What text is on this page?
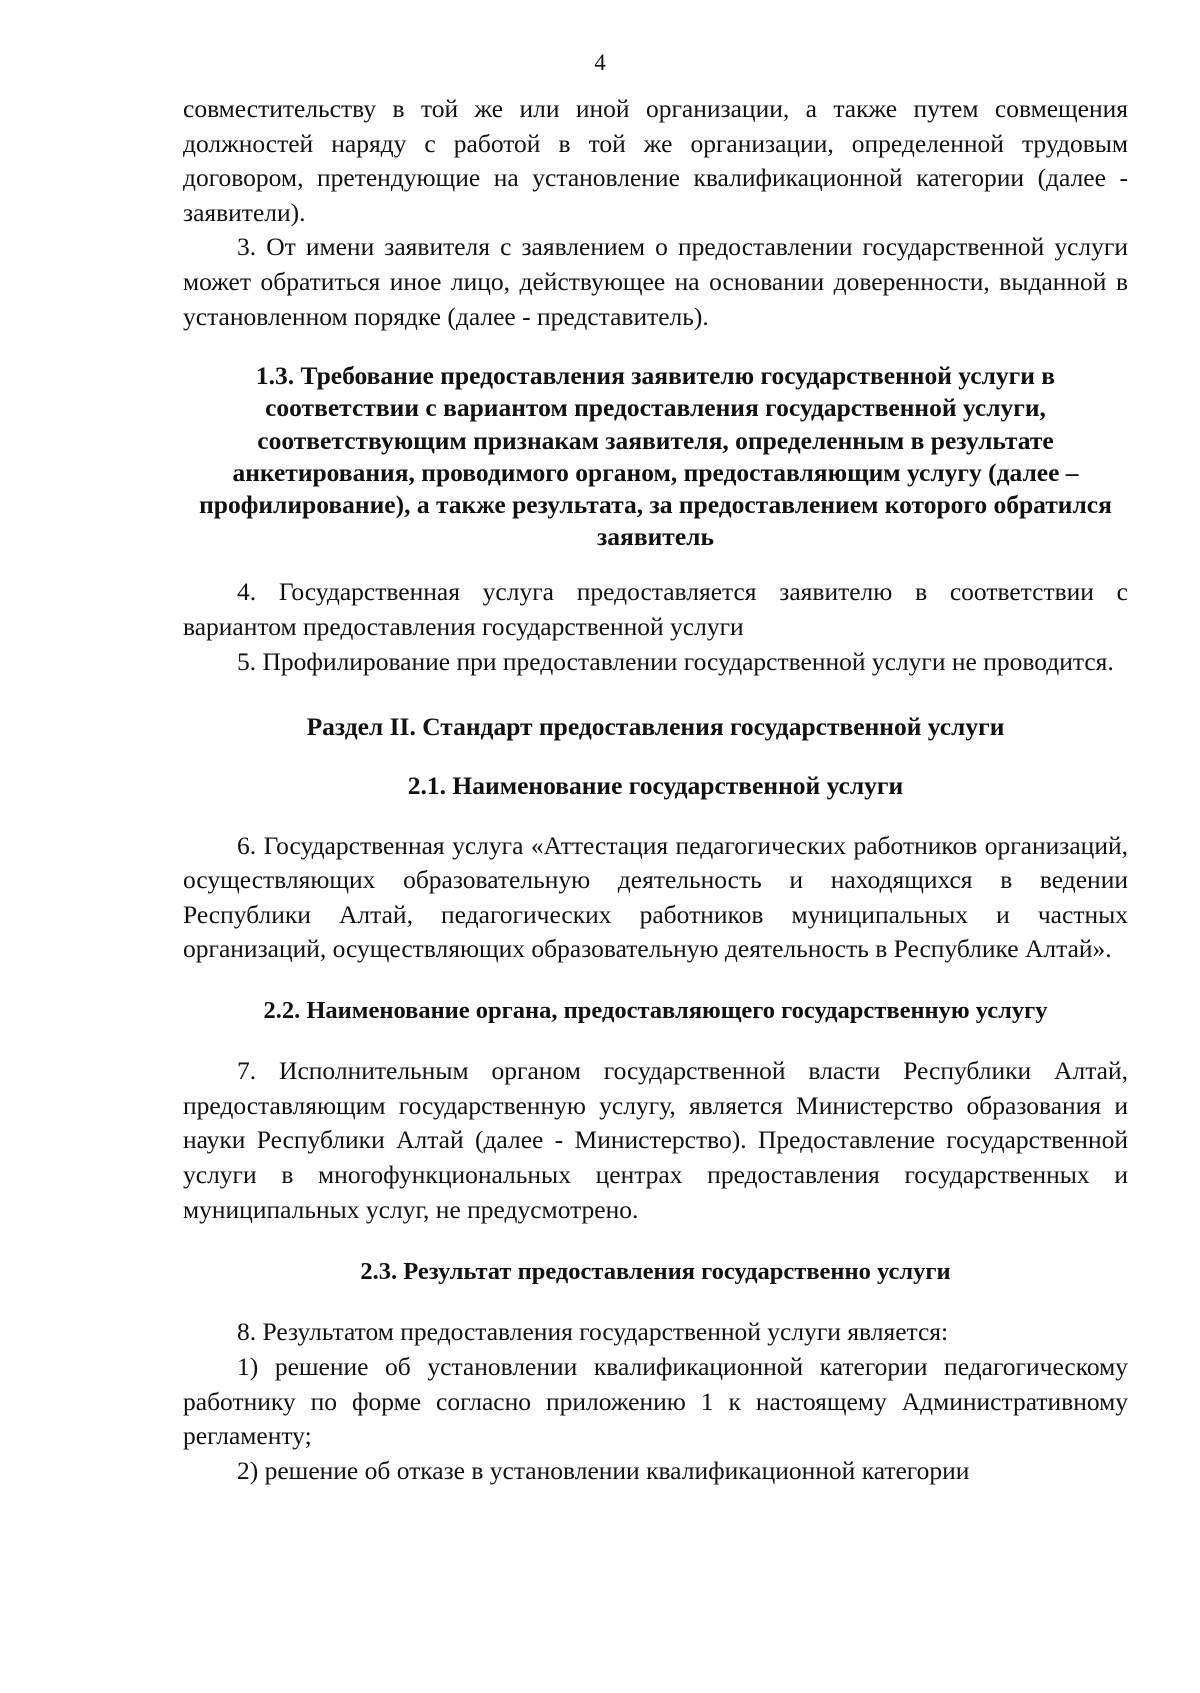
4

совместительству в той же или иной организации, а также путем совмещения должностей наряду с работой в той же организации, определенной трудовым договором, претендующие на установление квалификационной категории (далее - заявители).

3. От имени заявителя с заявлением о предоставлении государственной услуги может обратиться иное лицо, действующее на основании доверенности, выданной в установленном порядке (далее - представитель).

1.3. Требование предоставления заявителю государственной услуги в соответствии с вариантом предоставления государственной услуги, соответствующим признакам заявителя, определенным в результате анкетирования, проводимого органом, предоставляющим услугу (далее – профилирование), а также результата, за предоставлением которого обратился заявитель

4. Государственная услуга предоставляется заявителю в соответствии с вариантом предоставления государственной услуги

5. Профилирование при предоставлении государственной услуги не проводится.

Раздел II. Стандарт предоставления государственной услуги

2.1. Наименование государственной услуги

6. Государственная услуга «Аттестация педагогических работников организаций, осуществляющих образовательную деятельность и находящихся в ведении Республики Алтай, педагогических работников муниципальных и частных организаций, осуществляющих образовательную деятельность в Республике Алтай».

2.2. Наименование органа, предоставляющего государственную услугу

7. Исполнительным органом государственной власти Республики Алтай, предоставляющим государственную услугу, является Министерство образования и науки Республики Алтай (далее - Министерство). Предоставление государственной услуги в многофункциональных центрах предоставления государственных и муниципальных услуг, не предусмотрено.

2.3. Результат предоставления государственно услуги

8. Результатом предоставления государственной услуги является:

1) решение об установлении квалификационной категории педагогическому работнику по форме согласно приложению 1 к настоящему Административному регламенту;

2) решение об отказе в установлении квалификационной категории
